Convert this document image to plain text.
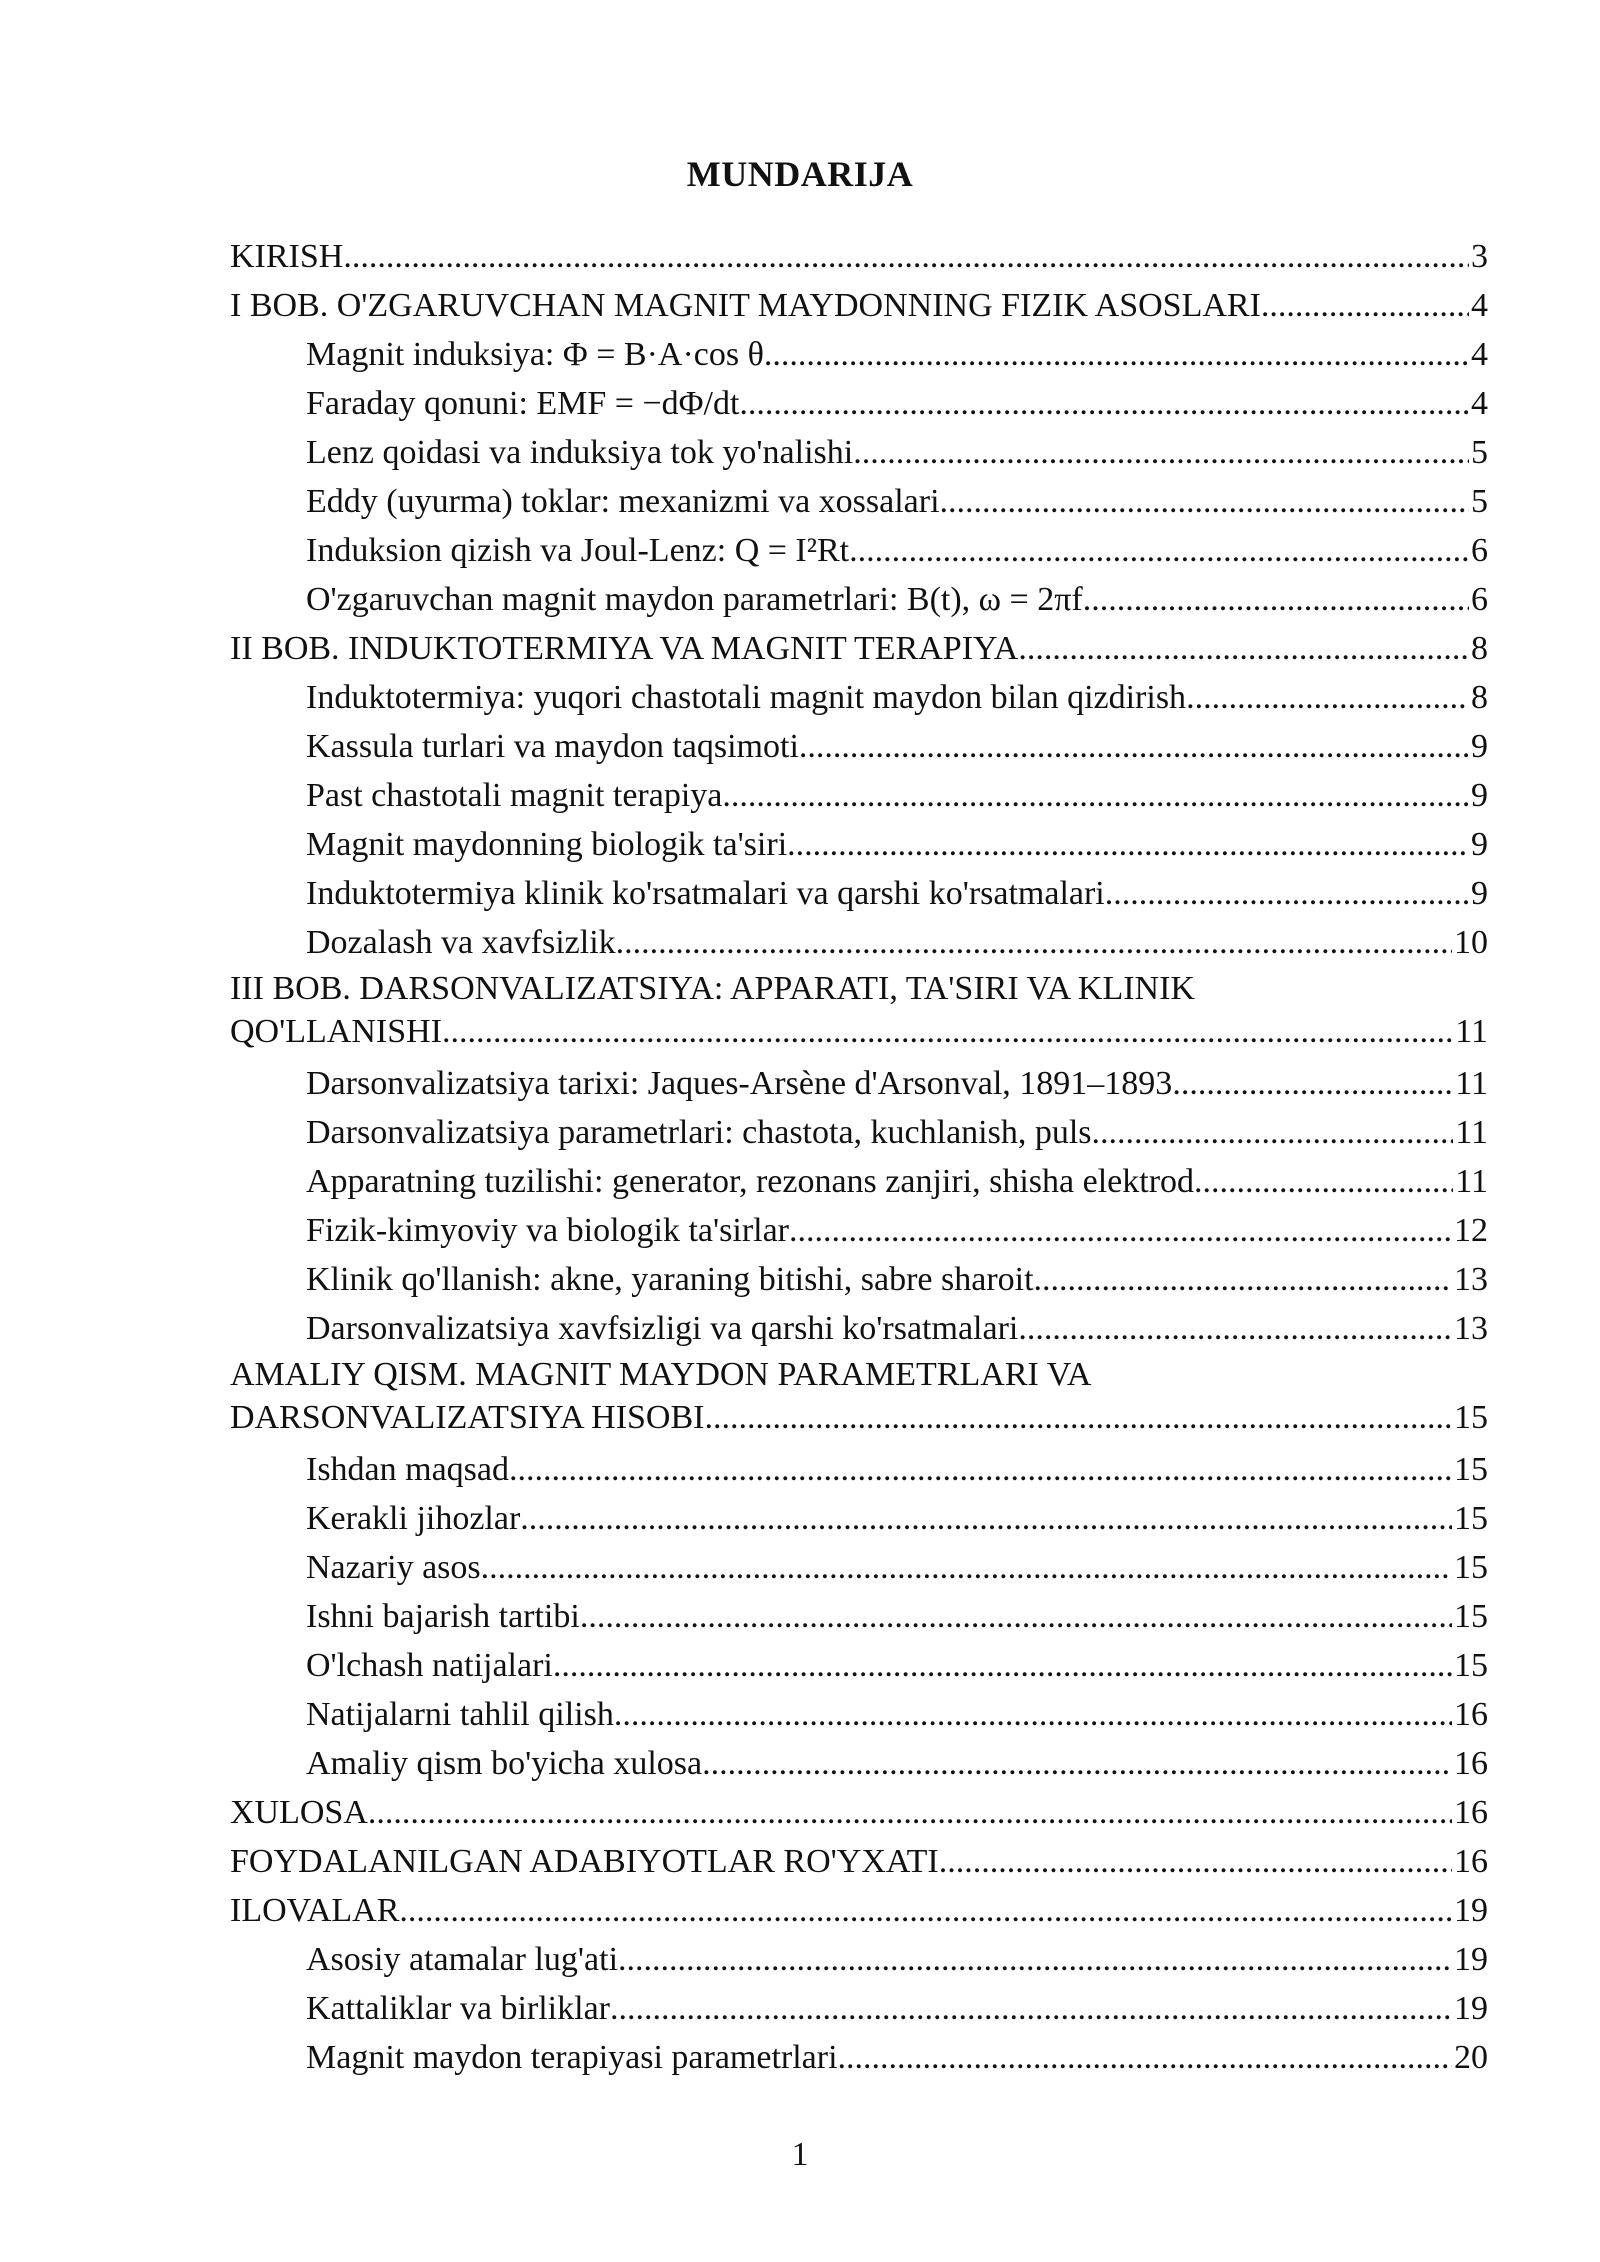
MUNDARIJA
KIRISH .....	3
I BOB. O'ZGARUVCHAN MAGNIT MAYDONNING FIZIK ASOSLARI .....	4
Magnit induksiya: Φ = B·A·cos θ .....	4
Faraday qonuni: EMF = −dΦ/dt .....	4
Lenz qoidasi va induksiya tok yo'nalishi .....	5
Eddy (uyurma) toklar: mexanizmi va xossalari .....	5
Induksion qizish va Joul-Lenz: Q = I²Rt .....	6
O'zgaruvchan magnit maydon parametrlari: B(t), ω = 2πf .....	6
II BOB. INDUKTOTERMIYA VA MAGNIT TERAPIYA .....	8
Induktotermiya: yuqori chastotali magnit maydon bilan qizdirish .....	8
Kassula turlari va maydon taqsimoti .....	9
Past chastotali magnit terapiya .....	9
Magnit maydonning biologik ta'siri .....	9
Induktotermiya klinik ko'rsatmalari va qarshi ko'rsatmalari .....	9
Dozalash va xavfsizlik .....	10
III BOB. DARSONVALIZATSIYA: APPARATI, TA'SIRI VA KLINIK
QO'LLANISHI .....	11
Darsonvalizatsiya tarixi: Jaques-Arsène d'Arsonval, 1891–1893 .....	11
Darsonvalizatsiya parametrlari: chastota, kuchlanish, puls .....	11
Apparatning tuzilishi: generator, rezonans zanjiri, shisha elektrod .....	11
Fizik-kimyoviy va biologik ta'sirlar .....	12
Klinik qo'llanish: akne, yaraning bitishi, sabre sharoit .....	13
Darsonvalizatsiya xavfsizligi va qarshi ko'rsatmalari .....	13
AMALIY QISM. MAGNIT MAYDON PARAMETRLARI VA
DARSONVALIZATSIYA HISOBI .....	15
Ishdan maqsad .....	15
Kerakli jihozlar .....	15
Nazariy asos .....	15
Ishni bajarish tartibi .....	15
O'lchash natijalari .....	15
Natijalarni tahlil qilish .....	16
Amaliy qism bo'yicha xulosa .....	16
XULOSA .....	16
FOYDALANILGAN ADABIYOTLAR RO'YXATI .....	16
ILOVALAR .....	19
Asosiy atamalar lug'ati .....	19
Kattaliklar va birliklar .....	19
Magnit maydon terapiyasi parametrlari .....	20
1
